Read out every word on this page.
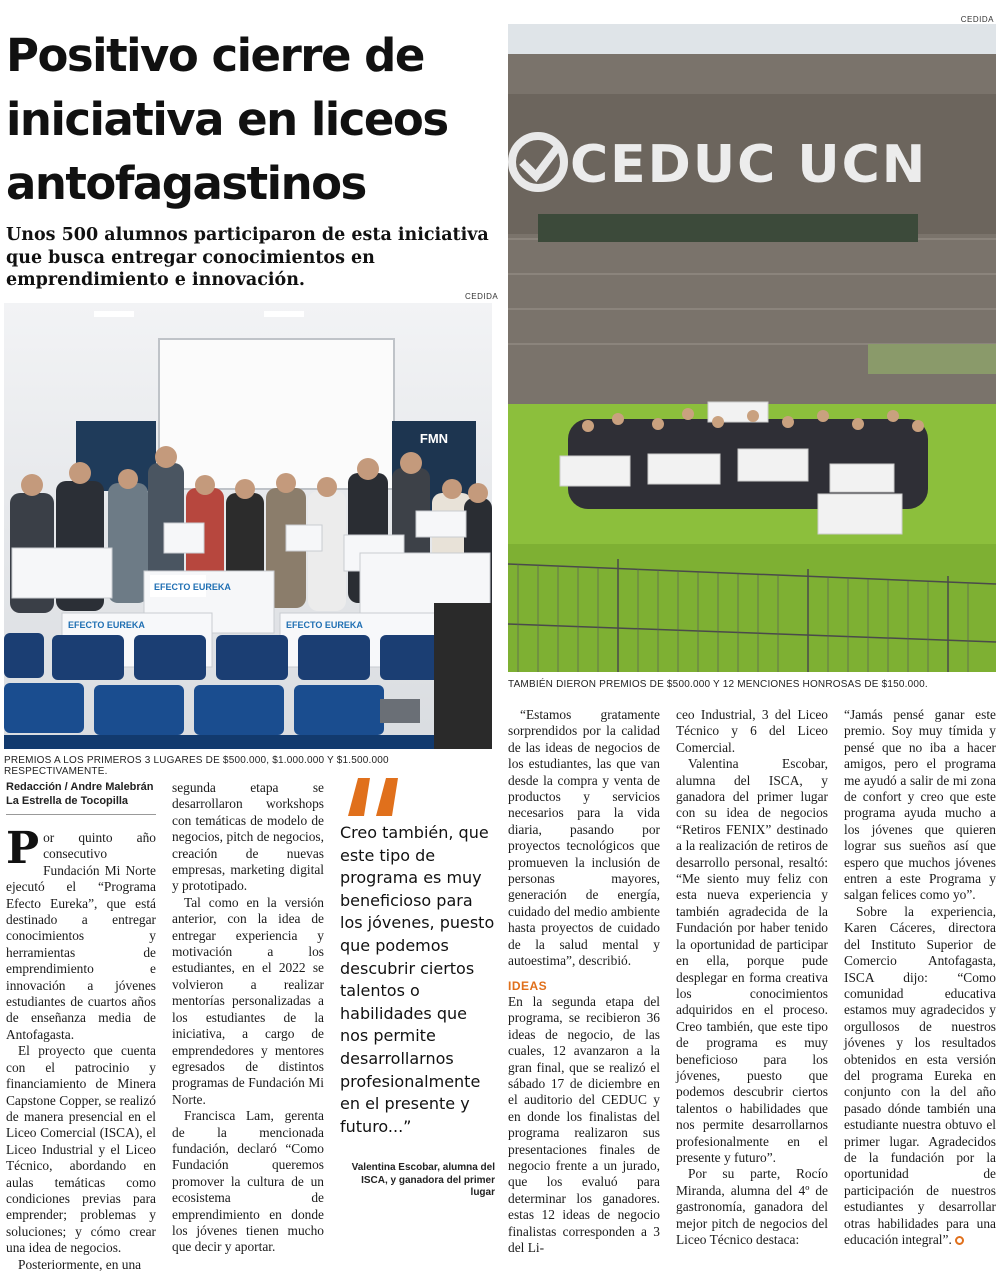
CEDIDA
Positivo cierre de iniciativa en liceos antofagastinos
Unos 500 alumnos participaron de esta iniciativa que busca entregar conocimientos en emprendimiento e innovación.
CEDIDA
FMN
EFECTO EUREKA
EFECTO EUREKA	EFECTO EUREKA
PREMIOS A LOS PRIMEROS 3 LUGARES DE $500.000, $1.000.000 Y $1.500.000 RESPECTIVAMENTE.
CEDUC UCN
TAMBIÉN DIERON PREMIOS DE $500.000 Y 12 MENCIONES HONROSAS DE $150.000.
Redacción / Andre Malebrán
La Estrella de Tocopilla

Por quinto año consecutivo Fundación Mi Norte ejecutó el “Programa Efecto Eureka”, que está destinado a entregar conocimientos y herramientas de emprendimiento e innovación a jóvenes estudiantes de cuartos años de enseñanza media de Antofagasta.

El proyecto que cuenta con el patrocinio y financiamiento de Minera Capstone Copper, se realizó de manera presencial en el Liceo Comercial (ISCA), el Liceo Industrial y el Liceo Técnico, abordando en aulas temáticas como condiciones previas para emprender; problemas y soluciones; y cómo crear una idea de negocios.

Posteriormente, en una

segunda etapa se desarrollaron workshops con temáticas de modelo de negocios, pitch de negocios, creación de nuevas empresas, marketing digital y prototipado.

Tal como en la versión anterior, con la idea de entregar experiencia y motivación a los estudiantes, en el 2022 se volvieron a realizar mentorías personalizadas a los estudiantes de la iniciativa, a cargo de emprendedores y mentores egresados de distintos programas de Fundación Mi Norte.

Francisca Lam, gerenta de la mencionada fundación, declaró “Como Fundación queremos promover la cultura de un ecosistema de emprendimiento en donde los jóvenes tienen mucho que decir y aportar.

Creo también, que este tipo de programa es muy beneficioso para los jóvenes, puesto que podemos descubrir ciertos talentos o habilidades que nos permite desarrollarnos profesionalmente en el presente y futuro...”
Valentina Escobar, alumna del ISCA, y ganadora del primer lugar

“Estamos gratamente sorprendidos por la calidad de las ideas de negocios de los estudiantes, las que van desde la compra y venta de productos y servicios necesarios para la vida diaria, pasando por proyectos tecnológicos que promueven la inclusión de personas mayores, generación de energía, cuidado del medio ambiente hasta proyectos de cuidado de la salud mental y autoestima”, describió.

IDEAS

En la segunda etapa del programa, se recibieron 36 ideas de negocio, de las cuales, 12 avanzaron a la gran final, que se realizó el sábado 17 de diciembre en el auditorio del CEDUC y en donde los finalistas del programa realizaron sus presentaciones finales de negocio frente a un jurado, que los evaluó para determinar los ganadores. estas 12 ideas de negocio finalistas corresponden a 3 del Li-

ceo Industrial, 3 del Liceo Técnico y 6 del Liceo Comercial.

Valentina Escobar, alumna del ISCA, y ganadora del primer lugar con su idea de negocios “Retiros FENIX” destinado a la realización de retiros de desarrollo personal, resaltó: “Me siento muy feliz con esta nueva experiencia y también agradecida de la Fundación por haber tenido la oportunidad de participar en ella, porque pude desplegar en forma creativa los conocimientos adquiridos en el proceso. Creo también, que este tipo de programa es muy beneficioso para los jóvenes, puesto que podemos descubrir ciertos talentos o habilidades que nos permite desarrollarnos profesionalmente en el presente y futuro”.

Por su parte, Rocío Miranda, alumna del 4º de gastronomía, ganadora del mejor pitch de negocios del Liceo Técnico destaca:

“Jamás pensé ganar este premio. Soy muy tímida y pensé que no iba a hacer amigos, pero el programa me ayudó a salir de mi zona de confort y creo que este programa ayuda mucho a los jóvenes que quieren lograr sus sueños así que espero que muchos jóvenes entren a este Programa y salgan felices como yo”.

Sobre la experiencia, Karen Cáceres, directora del Instituto Superior de Comercio Antofagasta, ISCA dijo: “Como comunidad educativa estamos muy agradecidos y orgullosos de nuestros jóvenes y los resultados obtenidos en esta versión del programa Eureka en conjunto con la del año pasado dónde también una estudiante nuestra obtuvo el primer lugar. Agradecidos de la fundación por la oportunidad de participación de nuestros estudiantes y desarrollar otras habilidades para una educación integral”.
